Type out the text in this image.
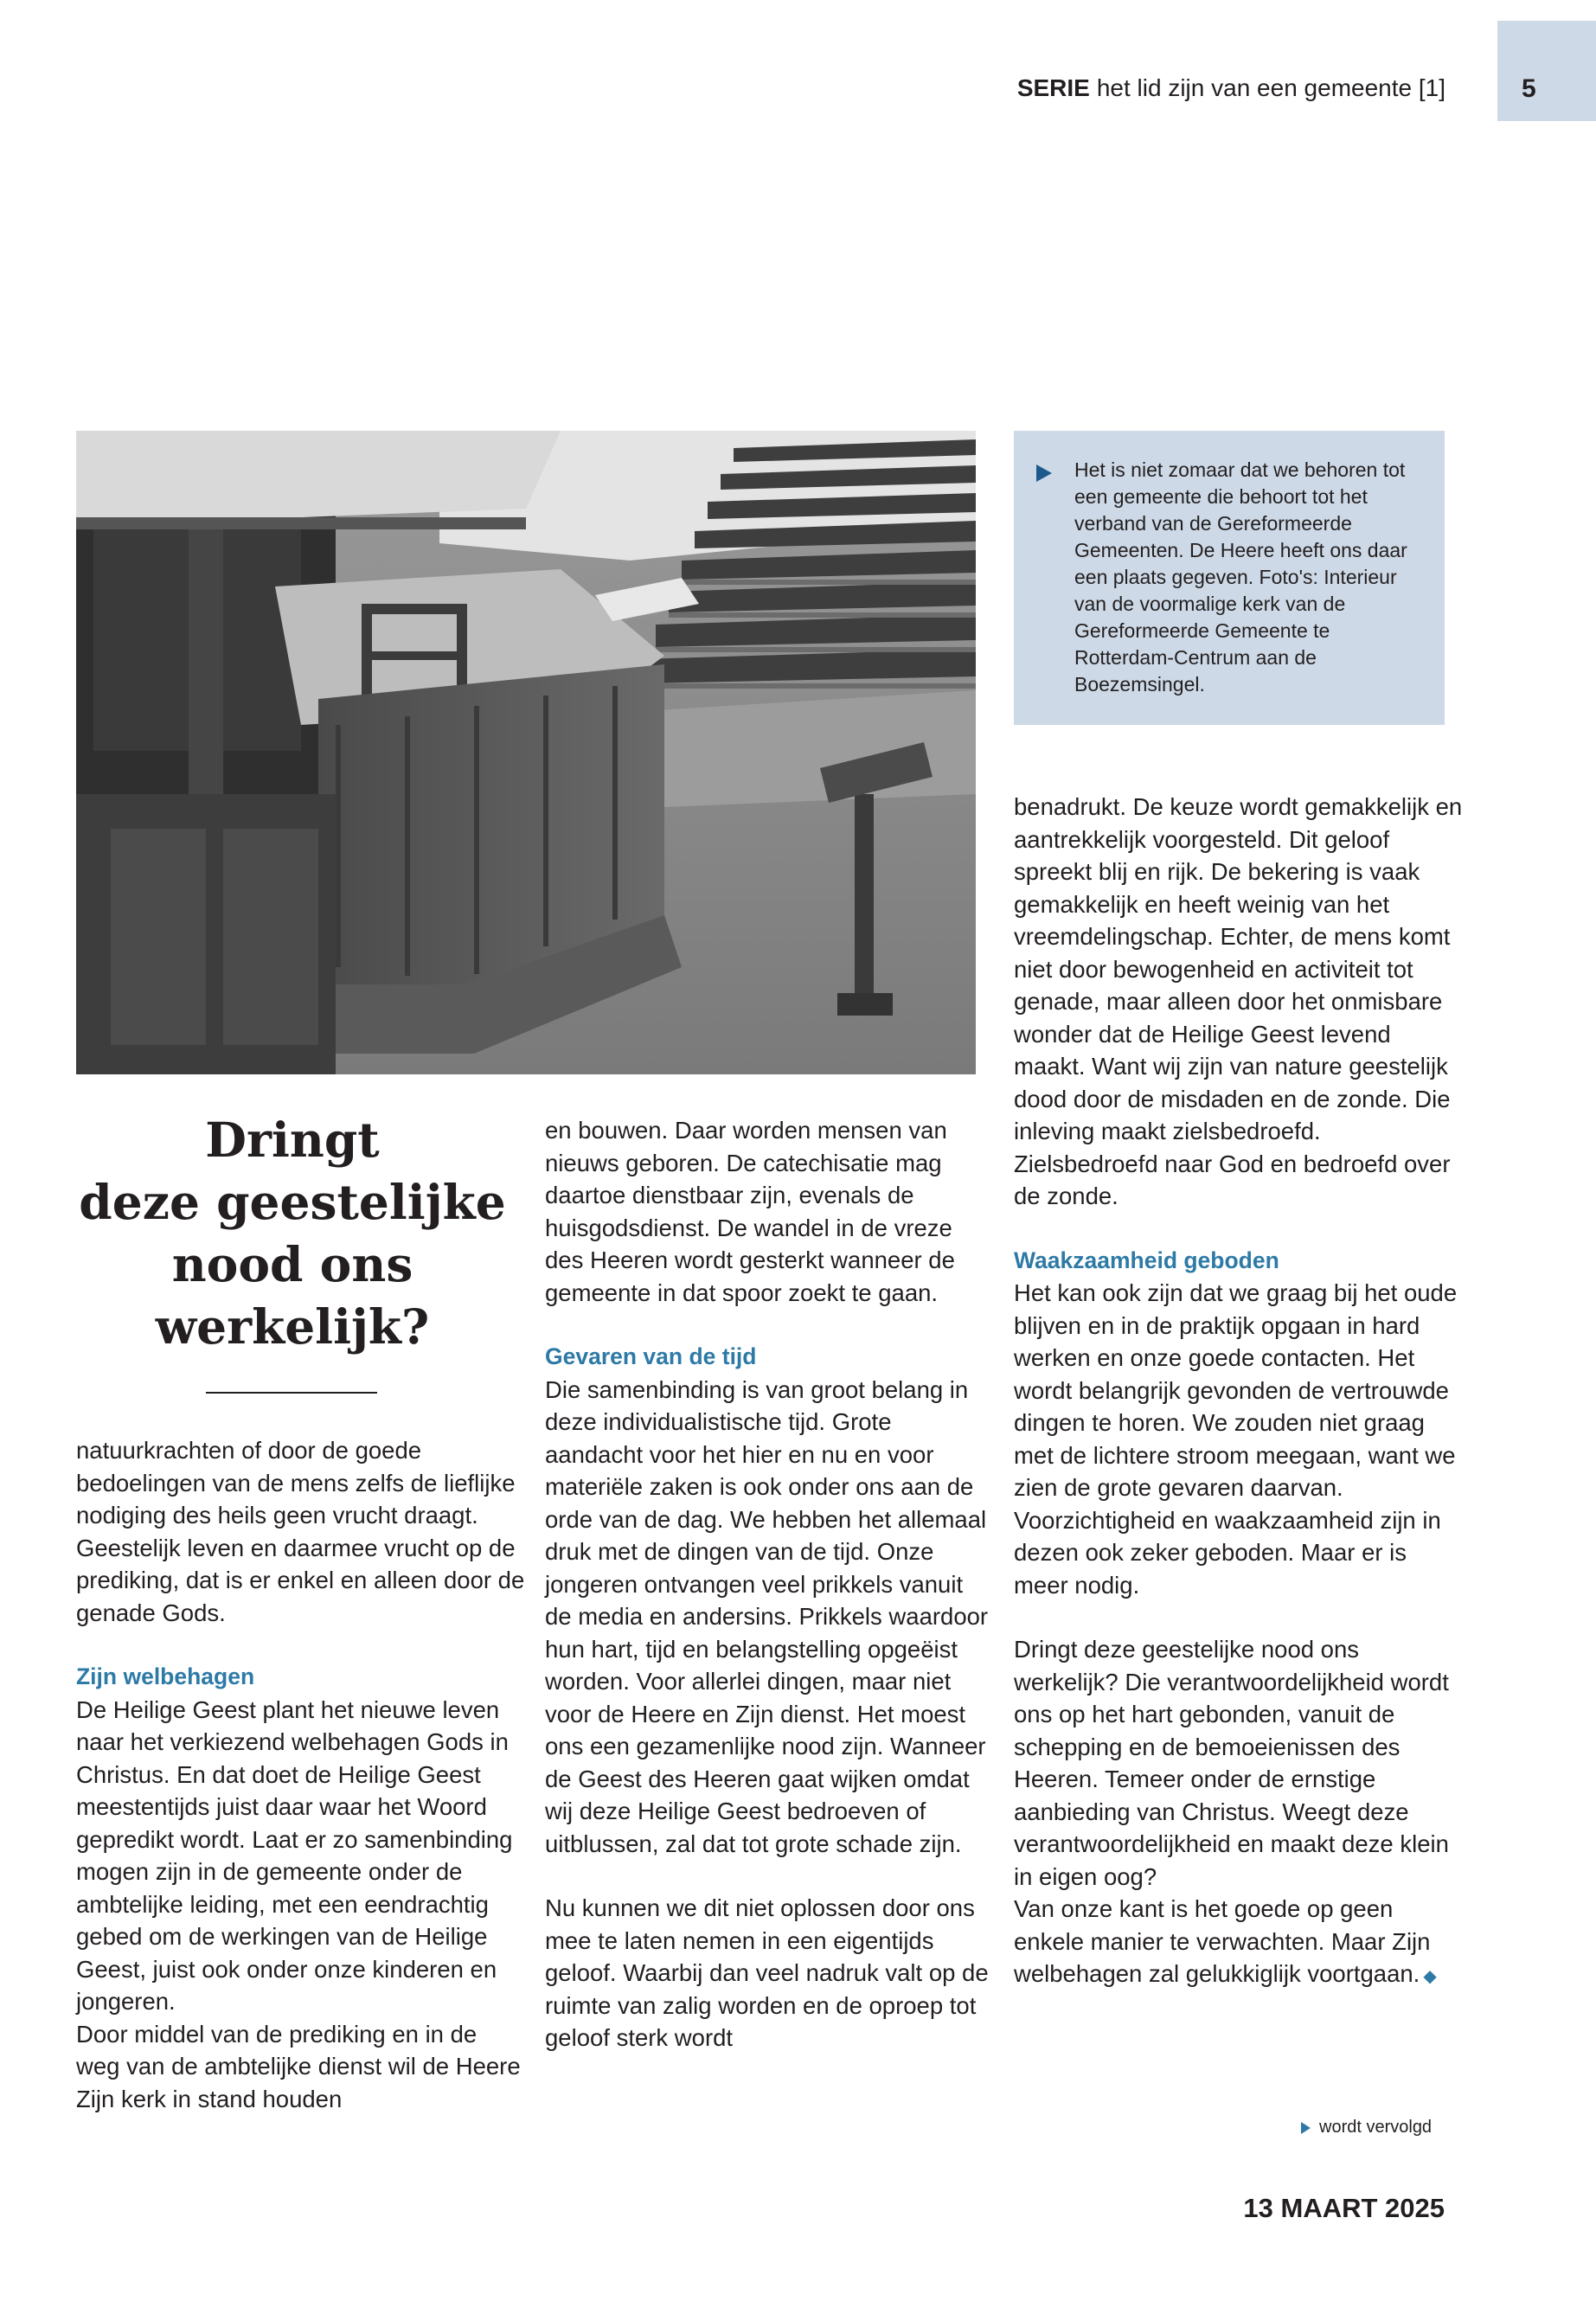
SERIE het lid zijn van een gemeente [1]	5
Het is niet zomaar dat we behoren tot een gemeente die behoort tot het verband van de Gereformeerde Gemeenten. De Heere heeft ons daar een plaats gegeven. Foto's: Interieur van de voormalige kerk van de Gereformeerde Gemeente te Rotterdam-Centrum aan de Boezemsingel.
Dringt
deze geestelijke
nood ons
werkelijk?

natuurkrachten of door de goede bedoelingen van de mens zelfs de lieflijke nodiging des heils geen vrucht draagt. Geestelijk leven en daarmee vrucht op de prediking, dat is er enkel en alleen door de genade Gods.

Zijn welbehagen

De Heilige Geest plant het nieuwe leven naar het verkiezend welbehagen Gods in Christus. En dat doet de Heilige Geest meestentijds juist daar waar het Woord gepredikt wordt. Laat er zo samenbinding mogen zijn in de gemeente onder de ambtelijke leiding, met een eendrachtig gebed om de werkingen van de Heilige Geest, juist ook onder onze kinderen en jongeren.

Door middel van de prediking en in de weg van de ambtelijke dienst wil de Heere Zijn kerk in stand houden

en bouwen. Daar worden mensen van nieuws geboren. De catechisatie mag daartoe dienstbaar zijn, evenals de huisgodsdienst. De wandel in de vreze des Heeren wordt gesterkt wanneer de gemeente in dat spoor zoekt te gaan.

Gevaren van de tijd

Die samenbinding is van groot belang in deze individualistische tijd. Grote aandacht voor het hier en nu en voor materiële zaken is ook onder ons aan de orde van de dag. We hebben het allemaal druk met de dingen van de tijd. Onze jongeren ontvangen veel prikkels vanuit de media en andersins. Prikkels waardoor hun hart, tijd en belangstelling opgeëist worden. Voor allerlei dingen, maar niet voor de Heere en Zijn dienst. Het moest ons een gezamenlijke nood zijn. Wanneer de Geest des Heeren gaat wijken omdat wij deze Heilige Geest bedroeven of uitblussen, zal dat tot grote schade zijn.

Nu kunnen we dit niet oplossen door ons mee te laten nemen in een eigentijds geloof. Waarbij dan veel nadruk valt op de ruimte van zalig worden en de oproep tot geloof sterk wordt

benadrukt. De keuze wordt gemakkelijk en aantrekkelijk voorgesteld. Dit geloof spreekt blij en rijk. De bekering is vaak gemakkelijk en heeft weinig van het vreemdelingschap. Echter, de mens komt niet door bewogenheid en activiteit tot genade, maar alleen door het onmisbare wonder dat de Heilige Geest levend maakt. Want wij zijn van nature geestelijk dood door de misdaden en de zonde. Die inleving maakt zielsbedroefd. Zielsbedroefd naar God en bedroefd over de zonde.

Waakzaamheid geboden

Het kan ook zijn dat we graag bij het oude blijven en in de praktijk opgaan in hard werken en onze goede contacten. Het wordt belangrijk gevonden de vertrouwde dingen te horen. We zouden niet graag met de lichtere stroom meegaan, want we zien de grote gevaren daarvan. Voorzichtigheid en waakzaamheid zijn in dezen ook zeker geboden. Maar er is meer nodig.

Dringt deze geestelijke nood ons werkelijk? Die verantwoordelijkheid wordt ons op het hart gebonden, vanuit de schepping en de bemoeienissen des Heeren. Temeer onder de ernstige aanbieding van Christus. Weegt deze verantwoordelijkheid en maakt deze klein in eigen oog?

Van onze kant is het goede op geen enkele manier te verwachten. Maar Zijn welbehagen zal gelukkiglijk voortgaan. ◆

wordt vervolgd
13 MAART 2025
